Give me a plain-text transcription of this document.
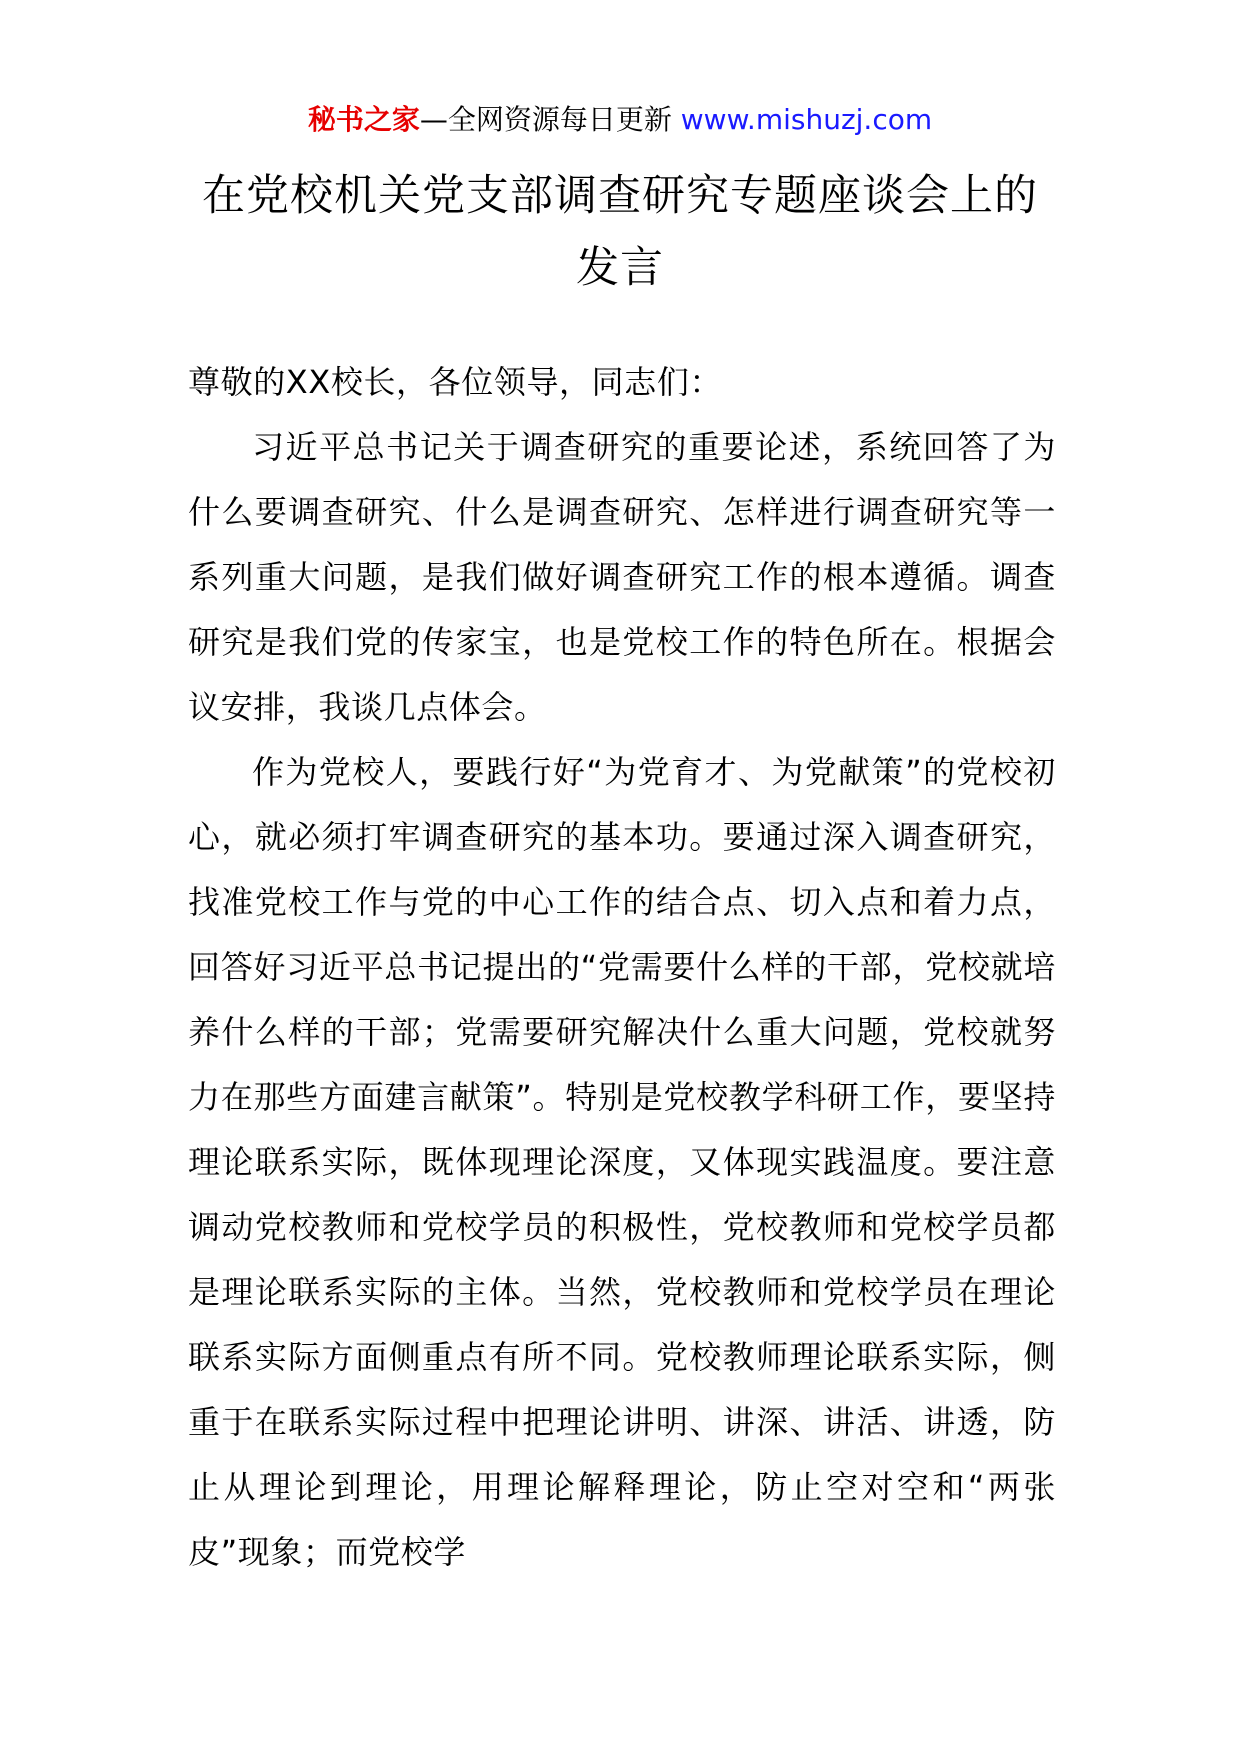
秘书之家—全网资源每日更新 www.mishuzj.com
在党校机关党支部调查研究专题座谈会上的发言

尊敬的XX校长，各位领导，同志们：

习近平总书记关于调查研究的重要论述，系统回答了为什么要调查研究、什么是调查研究、怎样进行调查研究等一系列重大问题，是我们做好调查研究工作的根本遵循。调查研究是我们党的传家宝，也是党校工作的特色所在。根据会议安排，我谈几点体会。

作为党校人，要践行好“为党育才、为党献策”的党校初心，就必须打牢调查研究的基本功。要通过深入调查研究，找准党校工作与党的中心工作的结合点、切入点和着力点，回答好习近平总书记提出的“党需要什么样的干部，党校就培养什么样的干部；党需要研究解决什么重大问题，党校就努力在那些方面建言献策”。特别是党校教学科研工作，要坚持理论联系实际，既体现理论深度，又体现实践温度。要注意调动党校教师和党校学员的积极性，党校教师和党校学员都是理论联系实际的主体。当然，党校教师和党校学员在理论联系实际方面侧重点有所不同。党校教师理论联系实际，侧重于在联系实际过程中把理论讲明、讲深、讲活、讲透，防止从理论到理论，用理论解释理论，防止空对空和“两张皮”现象；而党校学
